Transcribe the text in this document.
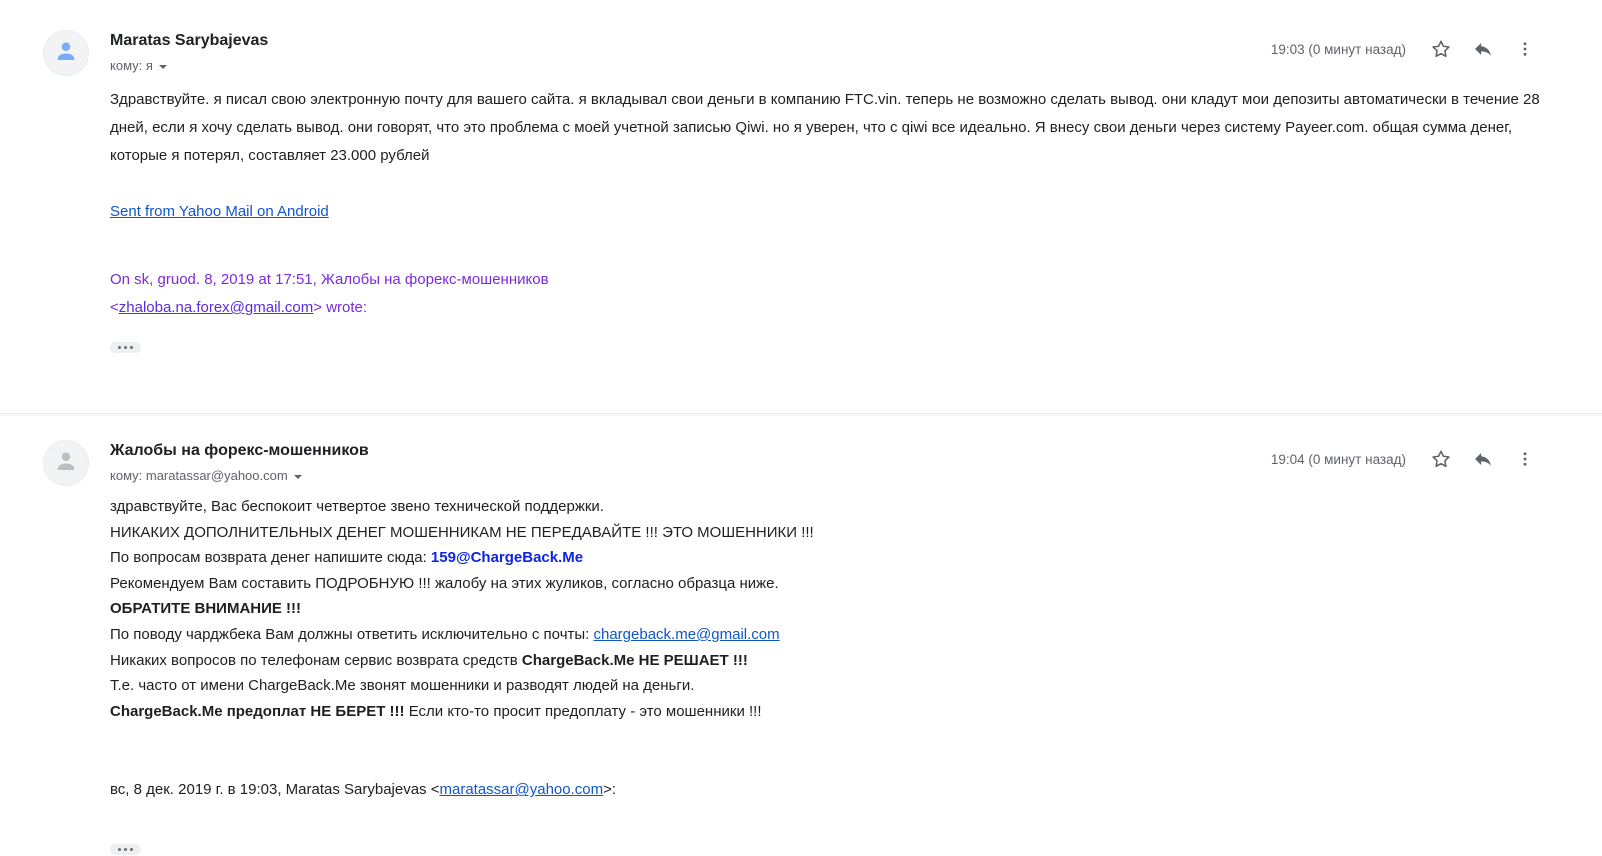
Maratas Sarybajevas
кому: я
19:03 (0 минут назад)

Здравствуйте. я писал свою электронную почту для вашего сайта. я вкладывал свои деньги в компанию FTC.vin. теперь не возможно сделать вывод. они кладут мои депозиты автоматически в течение 28 дней, если я хочу сделать вывод. они говорят, что это проблема с моей учетной записью Qiwi. но я уверен, что с qiwi все идеально. Я внесу свои деньги через систему Payeer.com. общая сумма денег, которые я потерял, составляет 23.000 рублей

Sent from Yahoo Mail on Android
On sk, gruod. 8, 2019 at 17:51, Жалобы на форекс-мошенников
<zhaloba.na.forex@gmail.com> wrote:
Жалобы на форекс-мошенников
кому: maratassar@yahoo.com
19:04 (0 минут назад)
здравствуйте, Вас беспокоит четвертое звено технической поддержки.
НИКАКИХ ДОПОЛНИТЕЛЬНЫХ ДЕНЕГ МОШЕННИКАМ НЕ ПЕРЕДАВАЙТЕ !!! ЭТО МОШЕННИКИ !!!
По вопросам возврата денег напишите сюда: 159@ChargeBack.Me
Рекомендуем Вам составить ПОДРОБНУЮ !!! жалобу на этих жуликов, согласно образца ниже.
ОБРАТИТЕ ВНИМАНИЕ !!!
По поводу чарджбека Вам должны ответить исключительно с почты: chargeback.me@gmail.com
Никаких вопросов по телефонам сервис возврата средств ChargeBack.Me НЕ РЕШАЕТ !!!
Т.е. часто от имени ChargeBack.Me звонят мошенники и разводят людей на деньги.
ChargeBack.Me предоплат НЕ БЕРЕТ !!! Если кто-то просит предоплату - это мошенники !!!
вс, 8 дек. 2019 г. в 19:03, Maratas Sarybajevas <maratassar@yahoo.com>:
